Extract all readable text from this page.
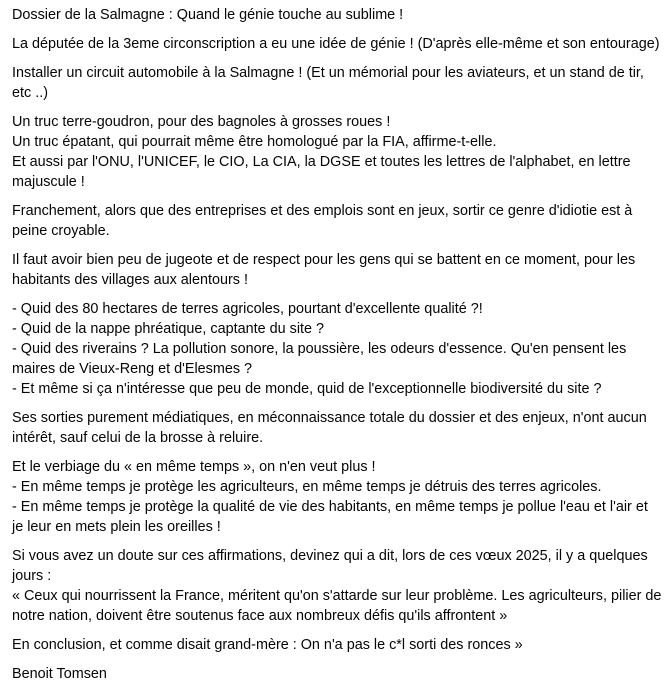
Dossier de la Salmagne : Quand le génie touche au sublime !

La députée de la 3eme circonscription a eu une idée de génie ! (D'après elle-même et son entourage)

Installer un circuit automobile à la Salmagne ! (Et un mémorial pour les aviateurs, et un stand de tir, etc ..)

Un truc terre-goudron, pour des bagnoles à grosses roues !
Un truc épatant, qui pourrait même être homologué par la FIA, affirme-t-elle.
Et aussi par l'ONU, l'UNICEF, le CIO, La CIA, la DGSE et toutes les lettres de l'alphabet, en lettre majuscule !

Franchement, alors que des entreprises et des emplois sont en jeux, sortir ce genre d'idiotie est à peine croyable.

Il faut avoir bien peu de jugeote et de respect pour les gens qui se battent en ce moment, pour les habitants des villages aux alentours !

- Quid des 80 hectares de terres agricoles, pourtant d'excellente qualité ?!
- Quid de la nappe phréatique, captante du site ?
- Quid des riverains ? La pollution sonore, la poussière, les odeurs d'essence. Qu'en pensent les maires de Vieux-Reng et d'Elesmes ?
- Et même si ça n'intéresse que peu de monde, quid de l'exceptionnelle biodiversité du site ?

Ses sorties purement médiatiques, en méconnaissance totale du dossier et des enjeux, n'ont aucun intérêt, sauf celui de la brosse à reluire.

Et le verbiage du « en même temps », on n'en veut plus !
- En même temps je protège les agriculteurs, en même temps je détruis des terres agricoles.
- En même temps je protège la qualité de vie des habitants, en même temps je pollue l'eau et l'air et je leur en mets plein les oreilles !

Si vous avez un doute sur ces affirmations, devinez qui a dit, lors de ces vœux 2025, il y a quelques jours :
« Ceux qui nourrissent la France, méritent qu'on s'attarde sur leur problème. Les agriculteurs, pilier de notre nation, doivent être soutenus face aux nombreux défis qu'ils affrontent »

En conclusion, et comme disait grand-mère : On n'a pas le c*l sorti des ronces »

Benoit Tomsen
